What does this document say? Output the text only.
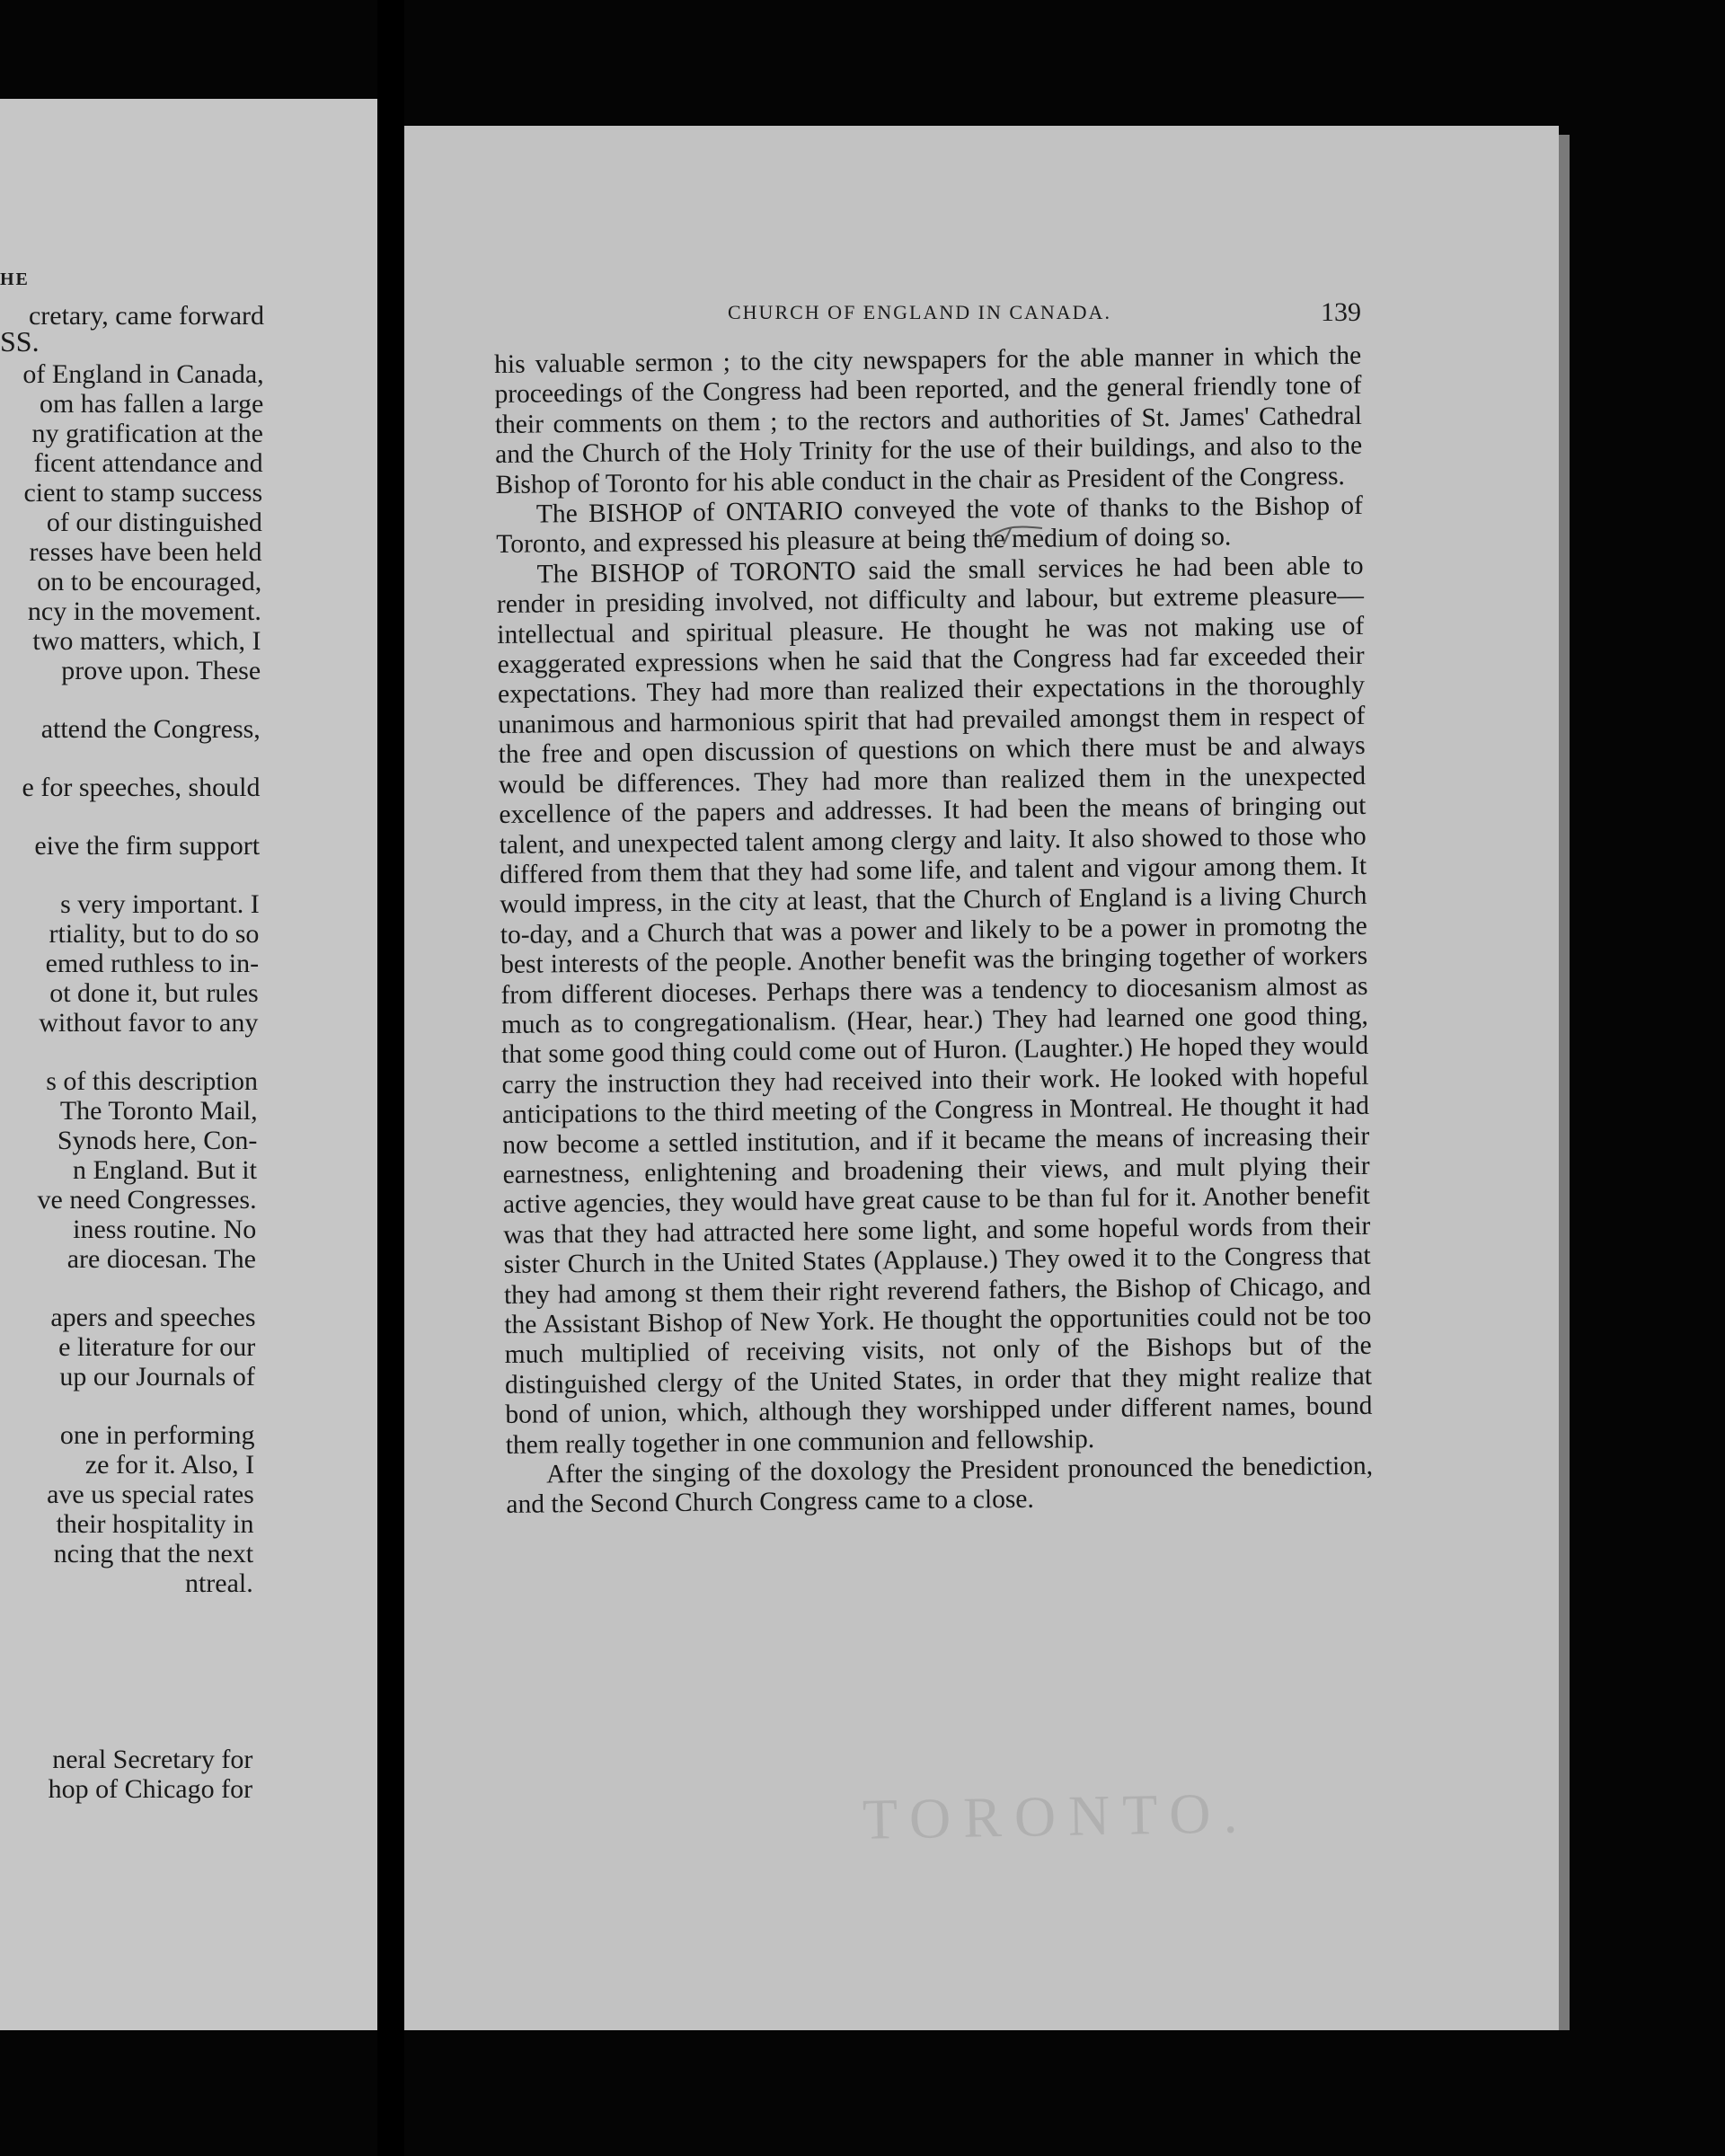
HE
SS.
cretary, came forward
of England in Canada,
om has fallen a large
ny gratification at the
ficent attendance and
cient to stamp success
of our distinguished
resses have been held
on to be encouraged,
ncy in the movement.
two matters, which, I
prove upon. These
attend the Congress,
e for speeches, should
eive the firm support
s very important. I
rtiality, but to do so
emed ruthless to in-
ot done it, but rules
without favor to any
s of this description
The Toronto Mail,
Synods here, Con-
n England. But it
ve need Congresses.
iness routine. No
are diocesan. The
apers and speeches
e literature for our
up our Journals of
one in performing
ze for it. Also, I
ave us special rates
their hospitality in
ncing that the next
ntreal.
neral Secretary for
hop of Chicago for
CHURCH OF ENGLAND IN CANADA.	139

his valuable sermon ; to the city newspapers for the able manner in which the proceedings of the Congress had been reported, and the general friendly tone of their comments on them ; to the rectors and authorities of St. James' Cathedral and the Church of the Holy Trinity for the use of their buildings, and also to the Bishop of Toronto for his able conduct in the chair as President of the Congress.

The BISHOP of ONTARIO conveyed the vote of thanks to the Bishop of Toronto, and expressed his pleasure at being the medium of doing so.

The BISHOP of TORONTO said the small services he had been able to render in presiding involved, not difficulty and labour, but extreme pleasure—intellectual and spiritual pleasure. He thought he was not making use of exaggerated expressions when he said that the Congress had far exceeded their expectations. They had more than realized their expectations in the thoroughly unanimous and harmonious spirit that had prevailed amongst them in respect of the free and open discussion of questions on which there must be and always would be differences. They had more than realized them in the unexpected excellence of the papers and addresses. It had been the means of bringing out talent, and unexpected talent among clergy and laity. It also showed to those who differed from them that they had some life, and talent and vigour among them. It would impress, in the city at least, that the Church of England is a living Church to-day, and a Church that was a power and likely to be a power in promotng the best interests of the people. Another benefit was the bringing together of workers from different dioceses. Perhaps there was a tendency to diocesanism almost as much as to congregationalism. (Hear, hear.) They had learned one good thing, that some good thing could come out of Huron. (Laughter.) He hoped they would carry the instruction they had received into their work. He looked with hopeful anticipations to the third meeting of the Congress in Montreal. He thought it had now become a settled institution, and if it became the means of increasing their earnestness, enlightening and broadening their views, and mult plying their active agencies, they would have great cause to be than ful for it. Another benefit was that they had attracted here some light, and some hopeful words from their sister Church in the United States (Applause.) They owed it to the Congress that they had among st them their right reverend fathers, the Bishop of Chicago, and the Assistant Bishop of New York. He thought the opportunities could not be too much multiplied of receiving visits, not only of the Bishops but of the distinguished clergy of the United States, in order that they might realize that bond of union, which, although they worshipped under different names, bound them really together in one communion and fellowship.

After the singing of the doxology the President pronounced the benediction, and the Second Church Congress came to a close.

TORONTO.
